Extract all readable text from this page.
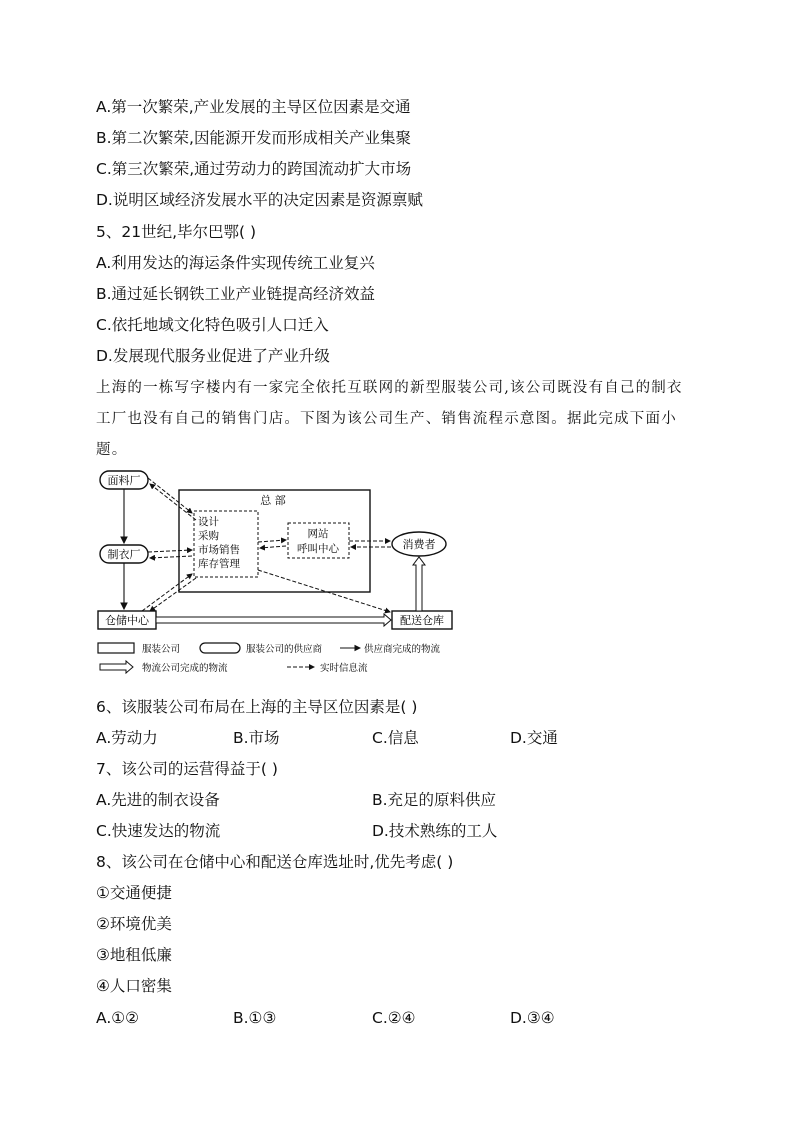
A.第一次繁荣,产业发展的主导区位因素是交通
B.第二次繁荣,因能源开发而形成相关产业集聚
C.第三次繁荣,通过劳动力的跨国流动扩大市场
D.说明区域经济发展水平的决定因素是资源禀赋
5、21世纪,毕尔巴鄂( )
A.利用发达的海运条件实现传统工业复兴
B.通过延长钢铁工业产业链提高经济效益
C.依托地域文化特色吸引人口迁入
D.发展现代服务业促进了产业升级
上海的一栋写字楼内有一家完全依托互联网的新型服装公司,该公司既没有自己的制衣工厂也没有自己的销售门店。下图为该公司生产、销售流程示意图。据此完成下面小题。
面料厂
制衣厂
总 部
设计
采购
市场销售
库存管理
网站
呼叫中心	消费者
仓储中心	配送仓库
服装公司	服装公司的供应商	供应商完成的物流
物流公司完成的物流	实时信息流
6、该服装公司布局在上海的主导区位因素是( )
A.劳动力	B.市场	C.信息	D.交通
7、该公司的运营得益于( )
A.先进的制衣设备	B.充足的原料供应
C.快速发达的物流	D.技术熟练的工人
8、该公司在仓储中心和配送仓库选址时,优先考虑( )
①交通便捷
②环境优美
③地租低廉
④人口密集
A.①②	B.①③	C.②④	D.③④
